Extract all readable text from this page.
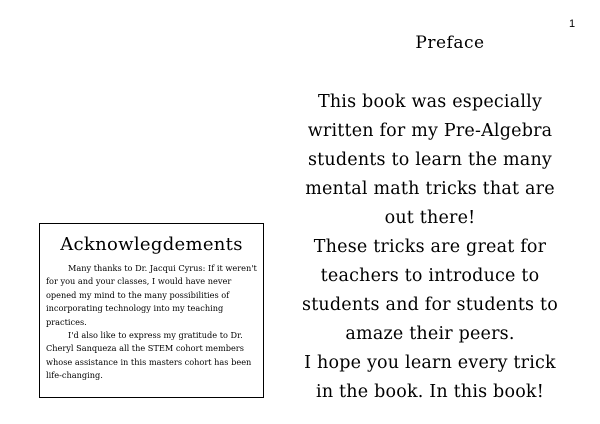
1
Preface

This book was especially written for my Pre-Algebra students to learn the many mental math tricks that are out there!

These tricks are great for teachers to introduce to students and for students to amaze their peers.

I hope you learn every trick in the book. In this book!

Acknowlegdements

Many thanks to Dr. Jacqui Cyrus: If it weren't for you and your classes, I would have never opened my mind to the many possibilities of incorporating technology into my teaching practices.

I'd also like to express my gratitude to Dr. Cheryl Sanqueza all the STEM cohort members whose assistance in this masters cohort has been life-changing.
